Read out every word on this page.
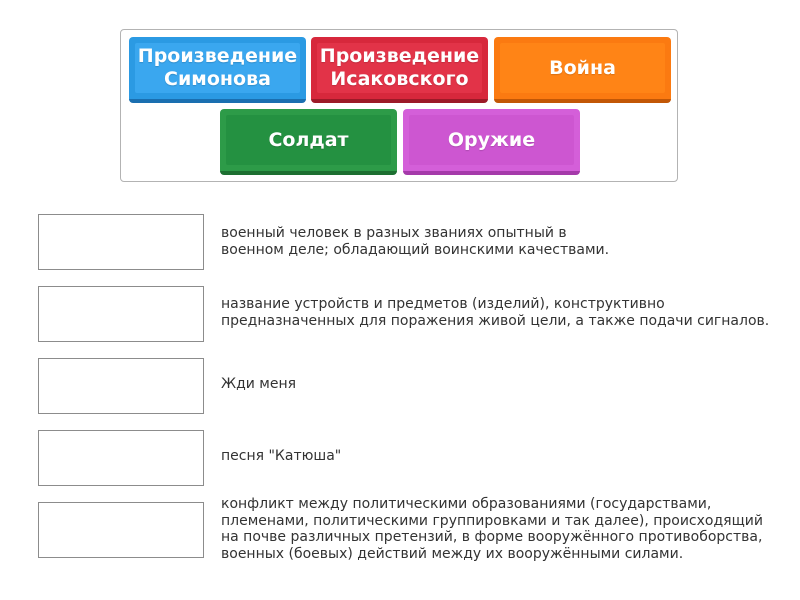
Произведение
Симонова
Произведение
Исаковского
Война
Солдат	Оружие
военный человек в разных званиях опытный в
военном деле; обладающий воинскими качествами.
название устройств и предметов (изделий), конструктивно
предназначенных для поражения живой цели, а также подачи сигналов.
Жди меня
песня "Катюша"
конфликт между политическими образованиями (государствами,
племенами, политическими группировками и так далее), происходящий
на почве различных претензий, в форме вооружённого противоборства,
военных (боевых) действий между их вооружёнными силами.
